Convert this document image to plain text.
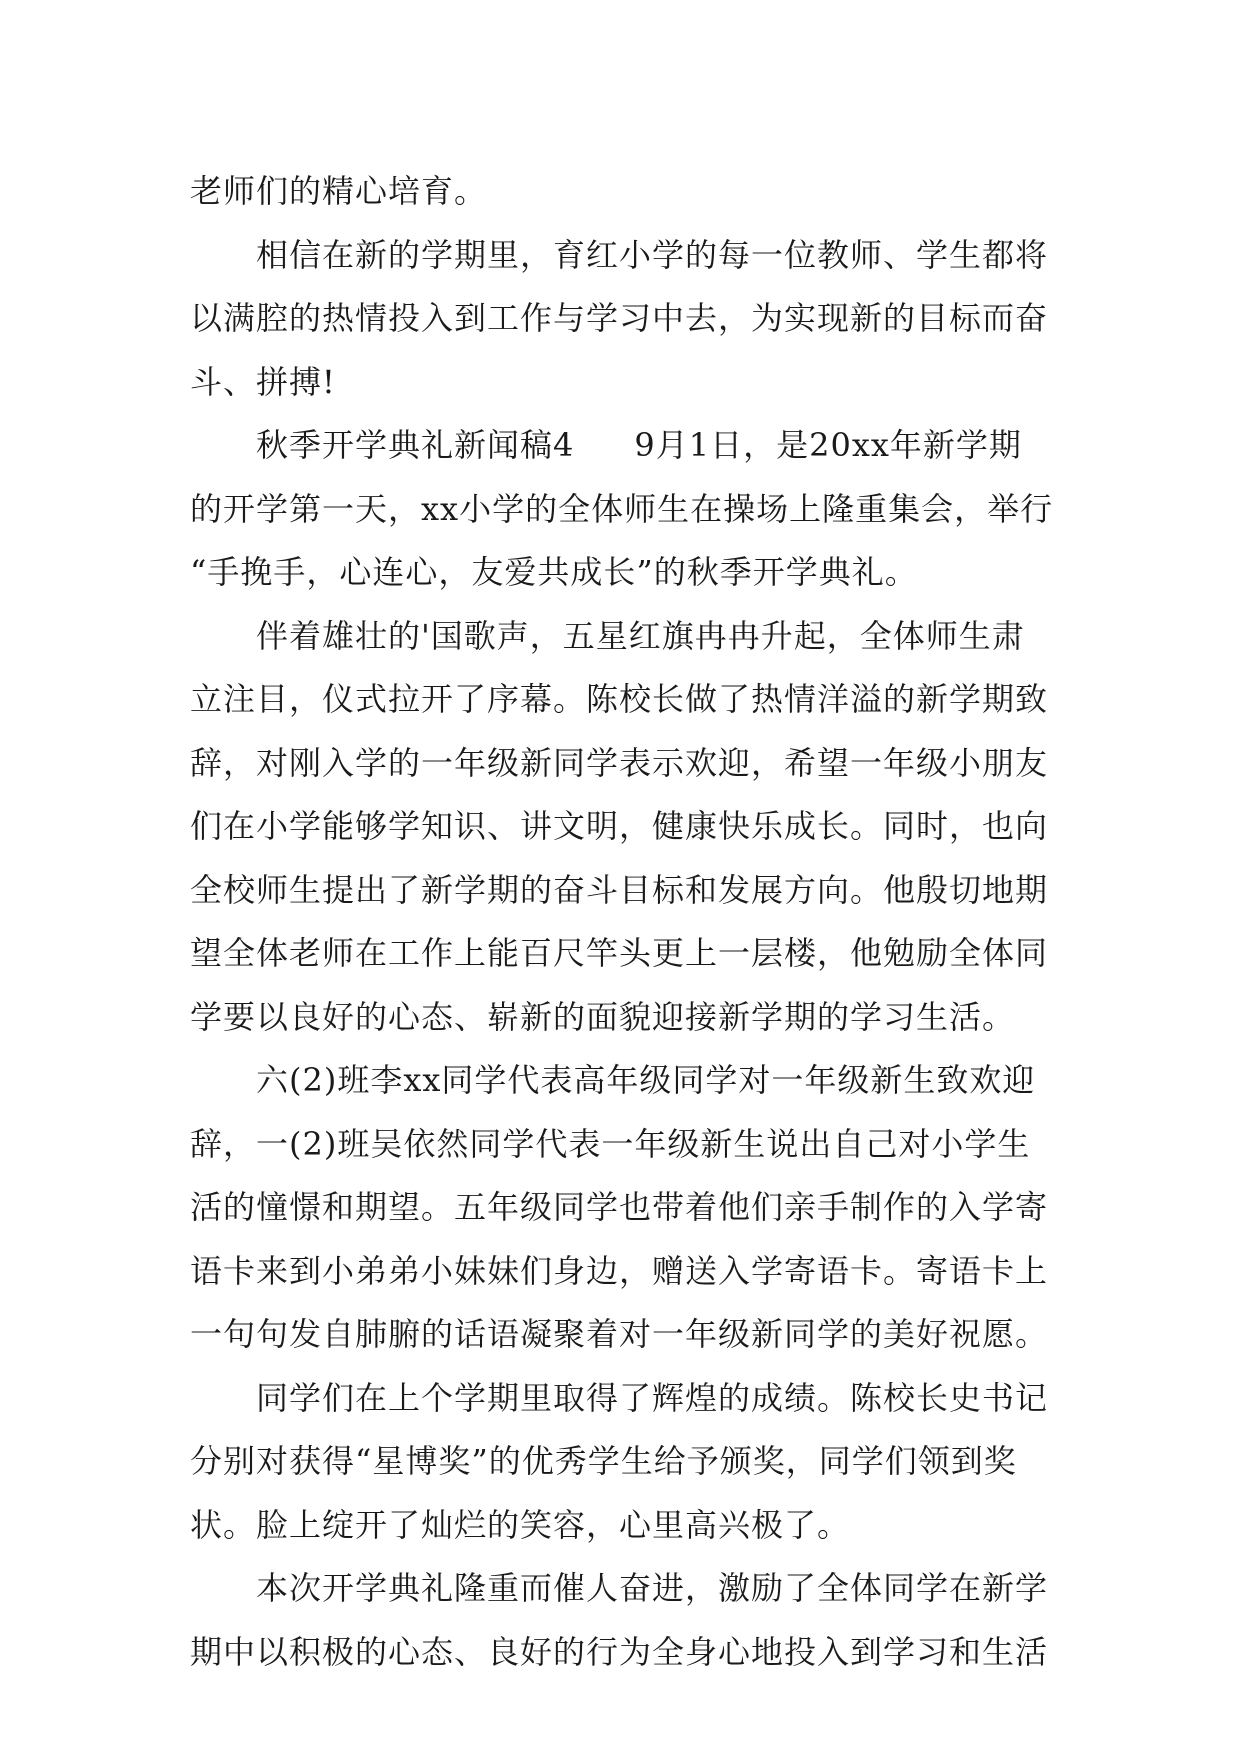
老师们的精心培育。
相信在新的学期里，育红小学的每一位教师、学生都将
以满腔的热情投入到工作与学习中去，为实现新的目标而奋
斗、拼搏!
秋季开学典礼新闻稿4 9月1日，是20xx年新学期
的开学第一天，xx小学的全体师生在操场上隆重集会，举行
“手挽手，心连心，友爱共成长”的秋季开学典礼。
伴着雄壮的'国歌声，五星红旗冉冉升起，全体师生肃
立注目，仪式拉开了序幕。陈校长做了热情洋溢的新学期致
辞，对刚入学的一年级新同学表示欢迎，希望一年级小朋友
们在小学能够学知识、讲文明，健康快乐成长。同时，也向
全校师生提出了新学期的奋斗目标和发展方向。他殷切地期
望全体老师在工作上能百尺竿头更上一层楼，他勉励全体同
学要以良好的心态、崭新的面貌迎接新学期的学习生活。
六(2)班李xx同学代表高年级同学对一年级新生致欢迎
辞，一(2)班吴依然同学代表一年级新生说出自己对小学生
活的憧憬和期望。五年级同学也带着他们亲手制作的入学寄
语卡来到小弟弟小妹妹们身边，赠送入学寄语卡。寄语卡上
一句句发自肺腑的话语凝聚着对一年级新同学的美好祝愿。
同学们在上个学期里取得了辉煌的成绩。陈校长史书记
分别对获得“星博奖”的优秀学生给予颁奖，同学们领到奖
状。脸上绽开了灿烂的笑容，心里高兴极了。
本次开学典礼隆重而催人奋进，激励了全体同学在新学
期中以积极的心态、良好的行为全身心地投入到学习和生活
